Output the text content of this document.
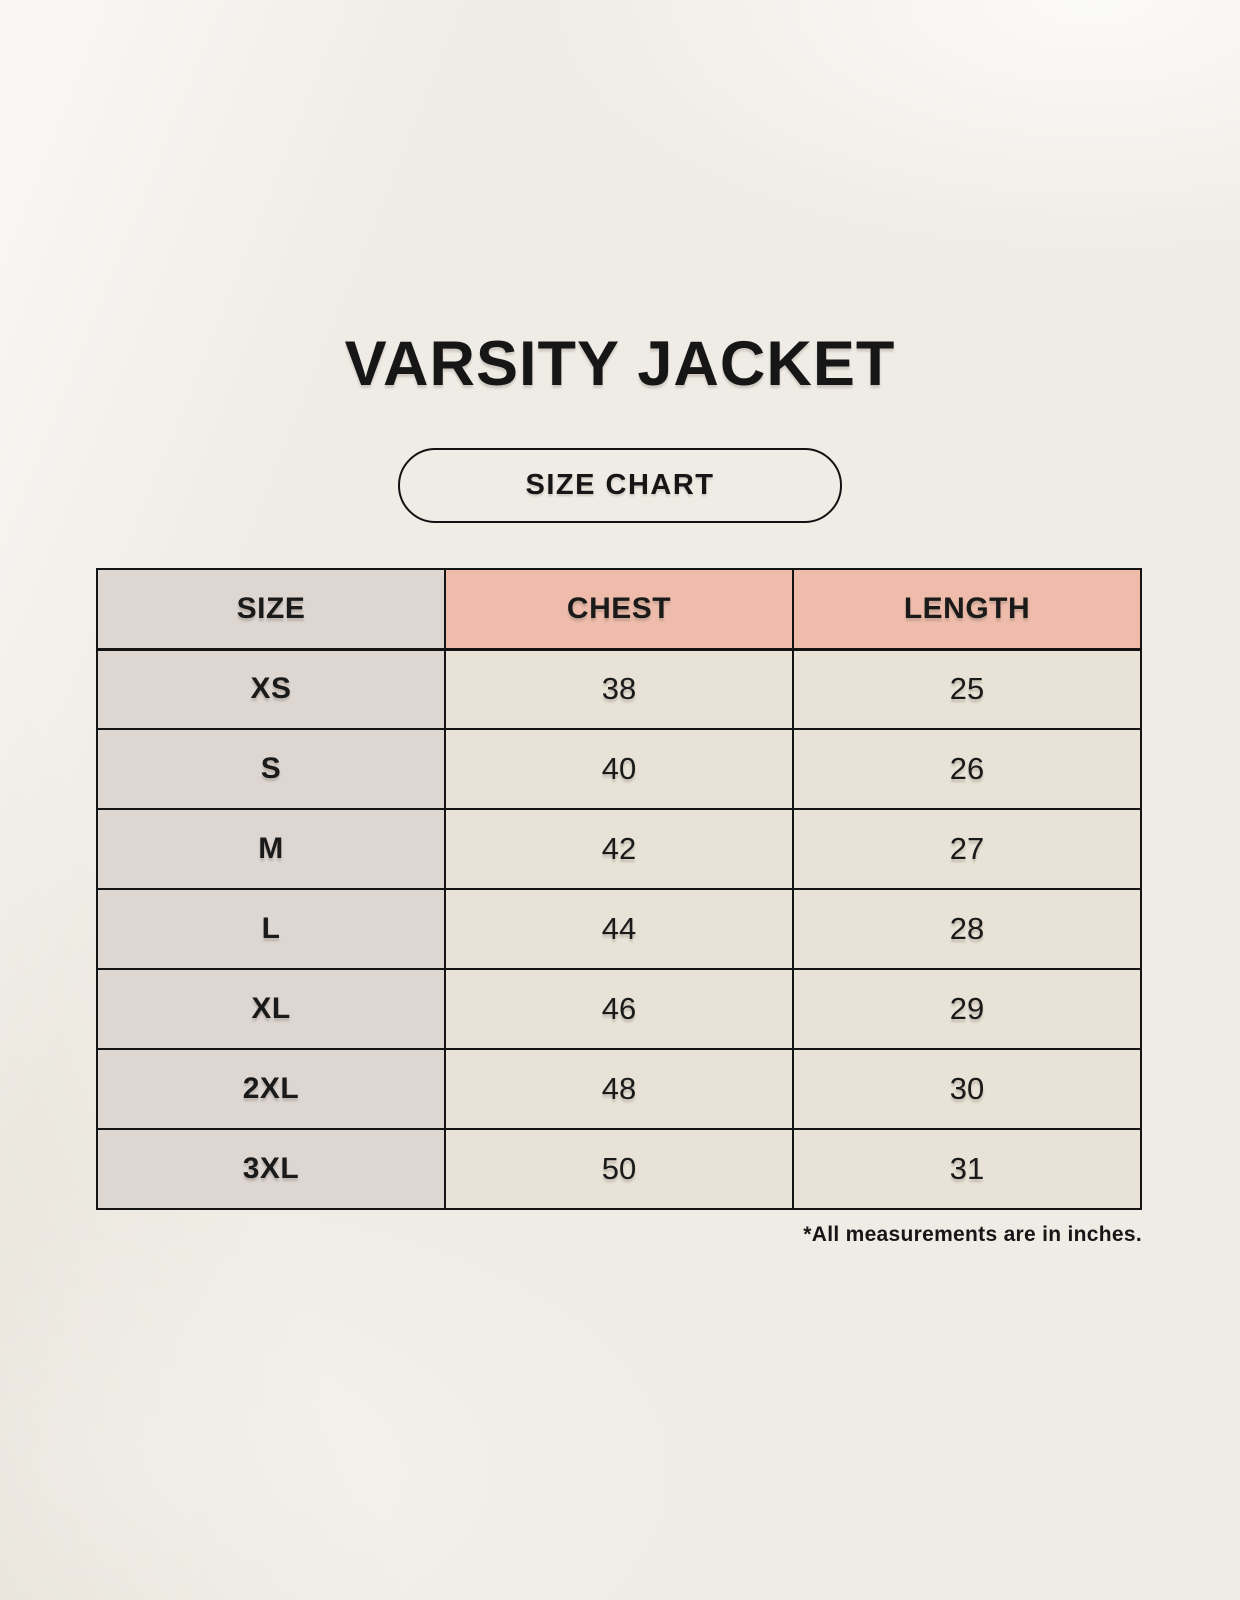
VARSITY JACKET
SIZE CHART
SIZE	CHEST	LENGTH
XS	38	25
S	40	26
M	42	27
L	44	28
XL	46	29
2XL	48	30
3XL	50	31
*All measurements are in inches.
